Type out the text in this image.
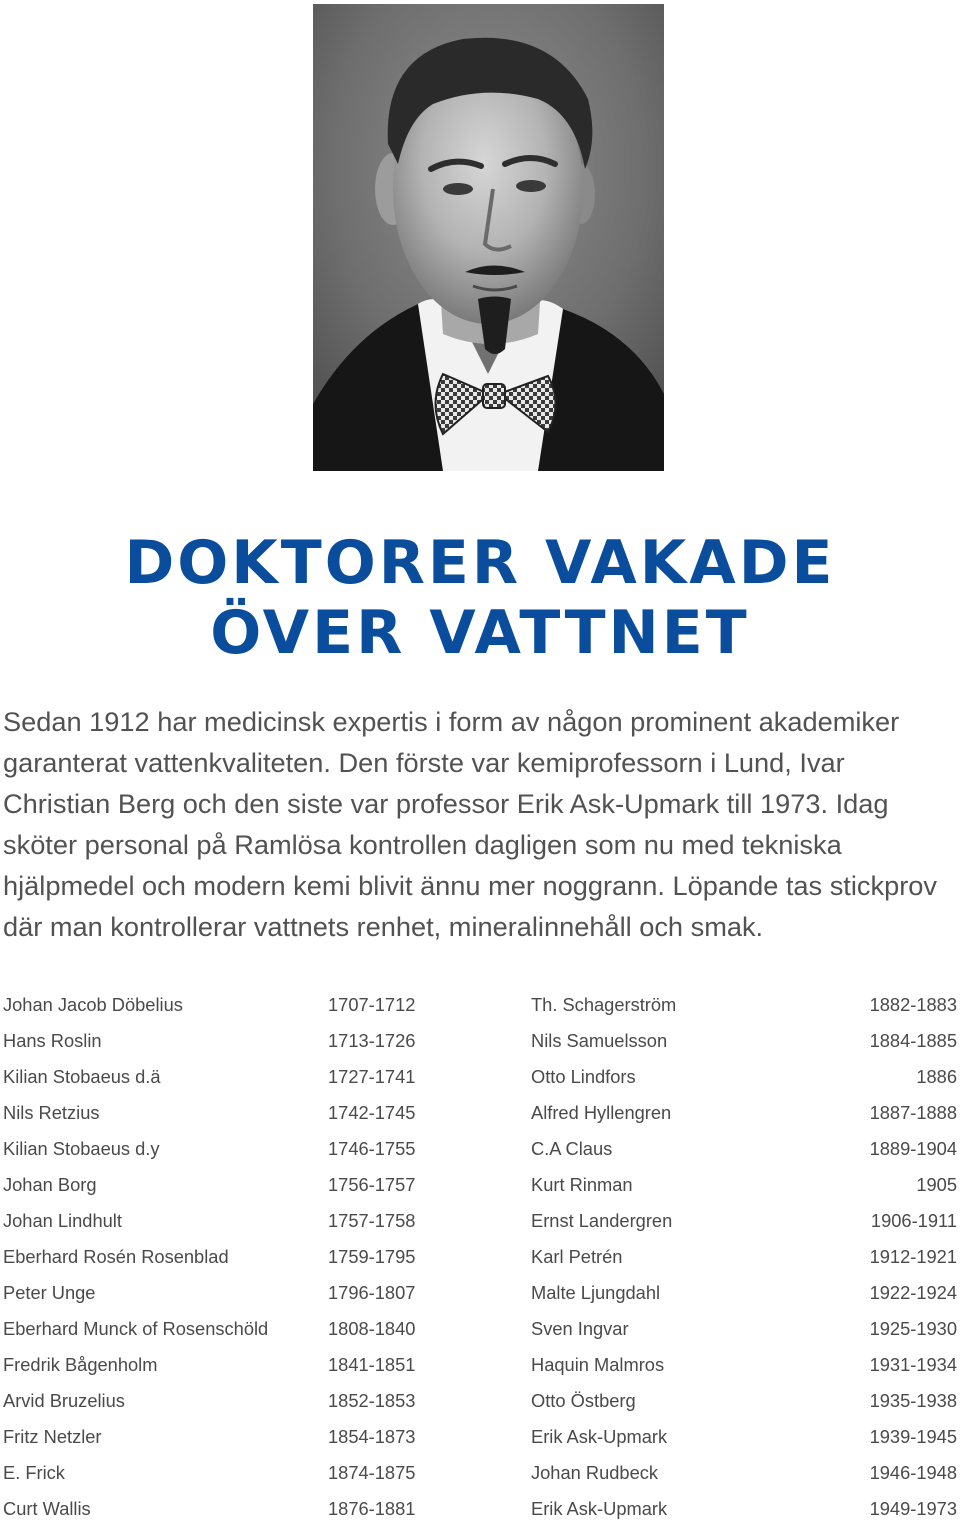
DOKTORER VAKADE
ÖVER VATTNET

Sedan 1912 har medicinsk expertis i form av någon prominent akademiker garanterat vattenkvaliteten. Den förste var kemiprofessorn i Lund, Ivar Christian Berg och den siste var professor Erik Ask-Upmark till 1973. Idag sköter personal på Ramlösa kontrollen dagligen som nu med tekniska hjälpmedel och modern kemi blivit ännu mer noggrann. Löpande tas stickprov där man kontrollerar vattnets renhet, mineralinnehåll och smak.

Johan Jacob Döbelius	1707-1712
Hans Roslin	1713-1726
Kilian Stobaeus d.ä	1727-1741
Nils Retzius	1742-1745
Kilian Stobaeus d.y	1746-1755
Johan Borg	1756-1757
Johan Lindhult	1757-1758
Eberhard Rosén Rosenblad	1759-1795
Peter Unge	1796-1807
Eberhard Munck of Rosenschöld	1808-1840
Fredrik Bågenholm	1841-1851
Arvid Bruzelius	1852-1853
Fritz Netzler	1854-1873
E. Frick	1874-1875
Curt Wallis	1876-1881
Th. Schagerström	1882-1883
Nils Samuelsson	1884-1885
Otto Lindfors	1886
Alfred Hyllengren	1887-1888
C.A Claus	1889-1904
Kurt Rinman	1905
Ernst Landergren	1906-1911
Karl Petrén	1912-1921
Malte Ljungdahl	1922-1924
Sven Ingvar	1925-1930
Haquin Malmros	1931-1934
Otto Östberg	1935-1938
Erik Ask-Upmark	1939-1945
Johan Rudbeck	1946-1948
Erik Ask-Upmark	1949-1973
